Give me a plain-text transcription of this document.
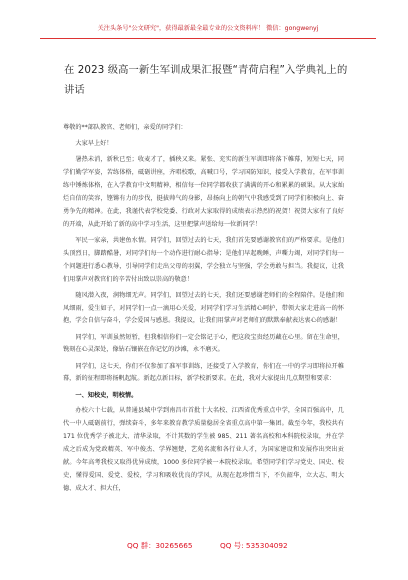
关注头条号"公文研究"，获得最新最全最专业的公文资料库！ 微信：gongwenyj
在 2023 级高一新生军训成果汇报暨“青荷启程”入学典礼上的讲话

尊敬的**部队教官、老师们，亲爱的同学们：

大家早上好！

暑热未消，新秋已至；收麦才了，插秧又来。紧张、充实的新生军训即将落下帷幕，短短七天，同学们勤学军姿，苦练体格，砥砺讲座，齐唱校歌，高喊口号，学习国防知识，接受入学教育，在军事训练中锤炼体格，在入学教育中文明精神，相信每一位同学都收获了满满的开心和累累的硕果。从大家灿烂自信的笑容，铿锵有力的步伐，挺拔帅气的身影，昂扬向上的朝气中我感受到了同学们积极向上、奋勇争先的精神。在此，我谨代表学校党委、行政对大家取得的成绩表示热烈的祝贺！祝贺大家有了良好的开端，从此开始了新的高中学习生活，这里把掌声送给每一位新同学！

军民一家亲，共建鱼水情。同学们，回望过去的七天，我们首先要感谢教官们的严格要求。是他们头顶烈日，脚踏酷暑，对同学们每一个动作进行耐心指导；是他们早起晚睡，声嘶力竭，对同学们每一个问题进行悉心教导，引导同学们走出父母的羽翼，学会独立与坚强，学会勇敢与担当。我提议，让我们用掌声对教官们的辛苦付出致以崇高的敬意！

随风潜入夜，润物细无声。同学们，回望过去的七天，我们还要感谢老师们的全程陪伴。是他们和风细雨，爱生如子，对同学们一点一滴用心关爱，对同学们学习生活精心呵护，带领大家走进高一的怀抱，学会自信与奋斗，学会爱国与感恩。我提议，让我们用掌声对老师们的默默奉献表达衷心的感谢！

同学们，军训虽然短暂，但我相信你们一定会铭记于心，把这段宝贵经历藏在心里。留在生命里，镌刻在心灵深处，像钻石镶嵌在你记忆的沙滩，永不磨灭。

同学们，这七天，你们不仅参加了准军事训练，还接受了入学教育，你们在一中的学习即将拉开帷幕，新的征程即将扬帆起航。新起点新目标，新学校新要求。在此，我对大家提出几点期望和要求：

一、知校史，明校情。

办校六十七载，从普通县城中学到南昌市首批十大名校、江西省优秀重点中学，全国百强高中，几代一中人砥砺前行，弹续奋斗，多年来教育教学质量稳居全省重点高中第一集团。截至今年，我校共有 171 位优秀学子被北大、清华录取，不计其数的学生被 985、211 著名高校和本科院校录取，并在学成之后成为党政精英、军中俊杰、学界翘楚，艺苑名流和各行业人才，为国家建设和发展作出突出贡献。今年高考我校又取得优异成绩，1000 多位同学被一本院校录取。希望同学们学习党史、国史、校史，懂得爱国、爱党、爱校，学习和吸收优良的学风，从现在起珍惜当下，不负韶华，立大志、明大德、成大才、担大任，

QQ 群：30265665	QQ 号: 535304092
